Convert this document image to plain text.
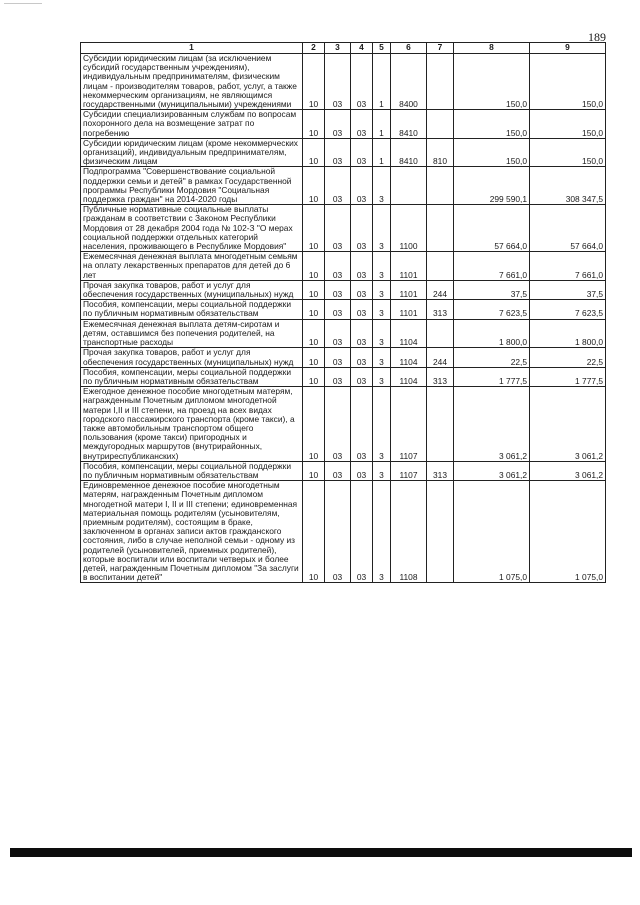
189
1	2	3	4	5	6	7	8	9
Субсидии юридическим лицам (за исключением субсидий государственным учреждениям), индивидуальным предпринимателям, физическим лицам - производителям товаров, работ, услуг, а также некоммерческим организациям, не являющимся государственными (муниципальными) учреждениями	10	03	03	1	8400		150,0	150,0
Субсидии специализированным службам по вопросам похоронного дела на возмещение затрат по погребению	10	03	03	1	8410		150,0	150,0
Субсидии юридическим лицам (кроме некоммерческих организаций), индивидуальным предпринимателям, физическим лицам	10	03	03	1	8410	810	150,0	150,0
Подпрограмма "Совершенствование социальной поддержки семьи и детей" в рамках Государственной программы Республики Мордовия "Социальная поддержка граждан" на 2014-2020 годы	10	03	03	3			299 590,1	308 347,5
Публичные нормативные социальные выплаты гражданам в соответствии с Законом Республики Мордовия от 28 декабря 2004 года № 102-З "О мерах социальной поддержки отдельных категорий населения, проживающего в Республике Мордовия"	10	03	03	3	1100		57 664,0	57 664,0
Ежемесячная денежная выплата многодетным семьям на оплату лекарственных препаратов для детей до 6 лет	10	03	03	3	1101		7 661,0	7 661,0
Прочая закупка товаров, работ и услуг для обеспечения государственных (муниципальных) нужд	10	03	03	3	1101	244	37,5	37,5
Пособия, компенсации, меры социальной поддержки по публичным нормативным обязательствам	10	03	03	3	1101	313	7 623,5	7 623,5
Ежемесячная денежная выплата детям-сиротам и детям, оставшимся без попечения родителей, на транспортные расходы	10	03	03	3	1104		1 800,0	1 800,0
Прочая закупка товаров, работ и услуг для обеспечения государственных (муниципальных) нужд	10	03	03	3	1104	244	22,5	22,5
Пособия, компенсации, меры социальной поддержки по публичным нормативным обязательствам	10	03	03	3	1104	313	1 777,5	1 777,5
Ежегодное денежное пособие многодетным матерям, награжденным Почетным дипломом многодетной матери I,II и III степени, на проезд на всех видах городского пассажирского транспорта (кроме такси), а также автомобильным транспортом общего пользования (кроме такси) пригородных и междугородных маршрутов (внутрирайонных, внутриреспубликанских)	10	03	03	3	1107		3 061,2	3 061,2
Пособия, компенсации, меры социальной поддержки по публичным нормативным обязательствам	10	03	03	3	1107	313	3 061,2	3 061,2
Единовременное денежное пособие многодетным матерям, награжденным Почетным дипломом многодетной матери I, II и III степени; единовременная материальная помощь родителям (усыновителям, приемным родителям), состоящим в браке, заключенном в органах записи актов гражданского состояния, либо в случае неполной семьи - одному из родителей (усыновителей, приемных родителей), которые воспитали или воспитали четверых и более детей, награжденным Почетным дипломом "За заслуги в воспитании детей"	10	03	03	3	1108		1 075,0	1 075,0
